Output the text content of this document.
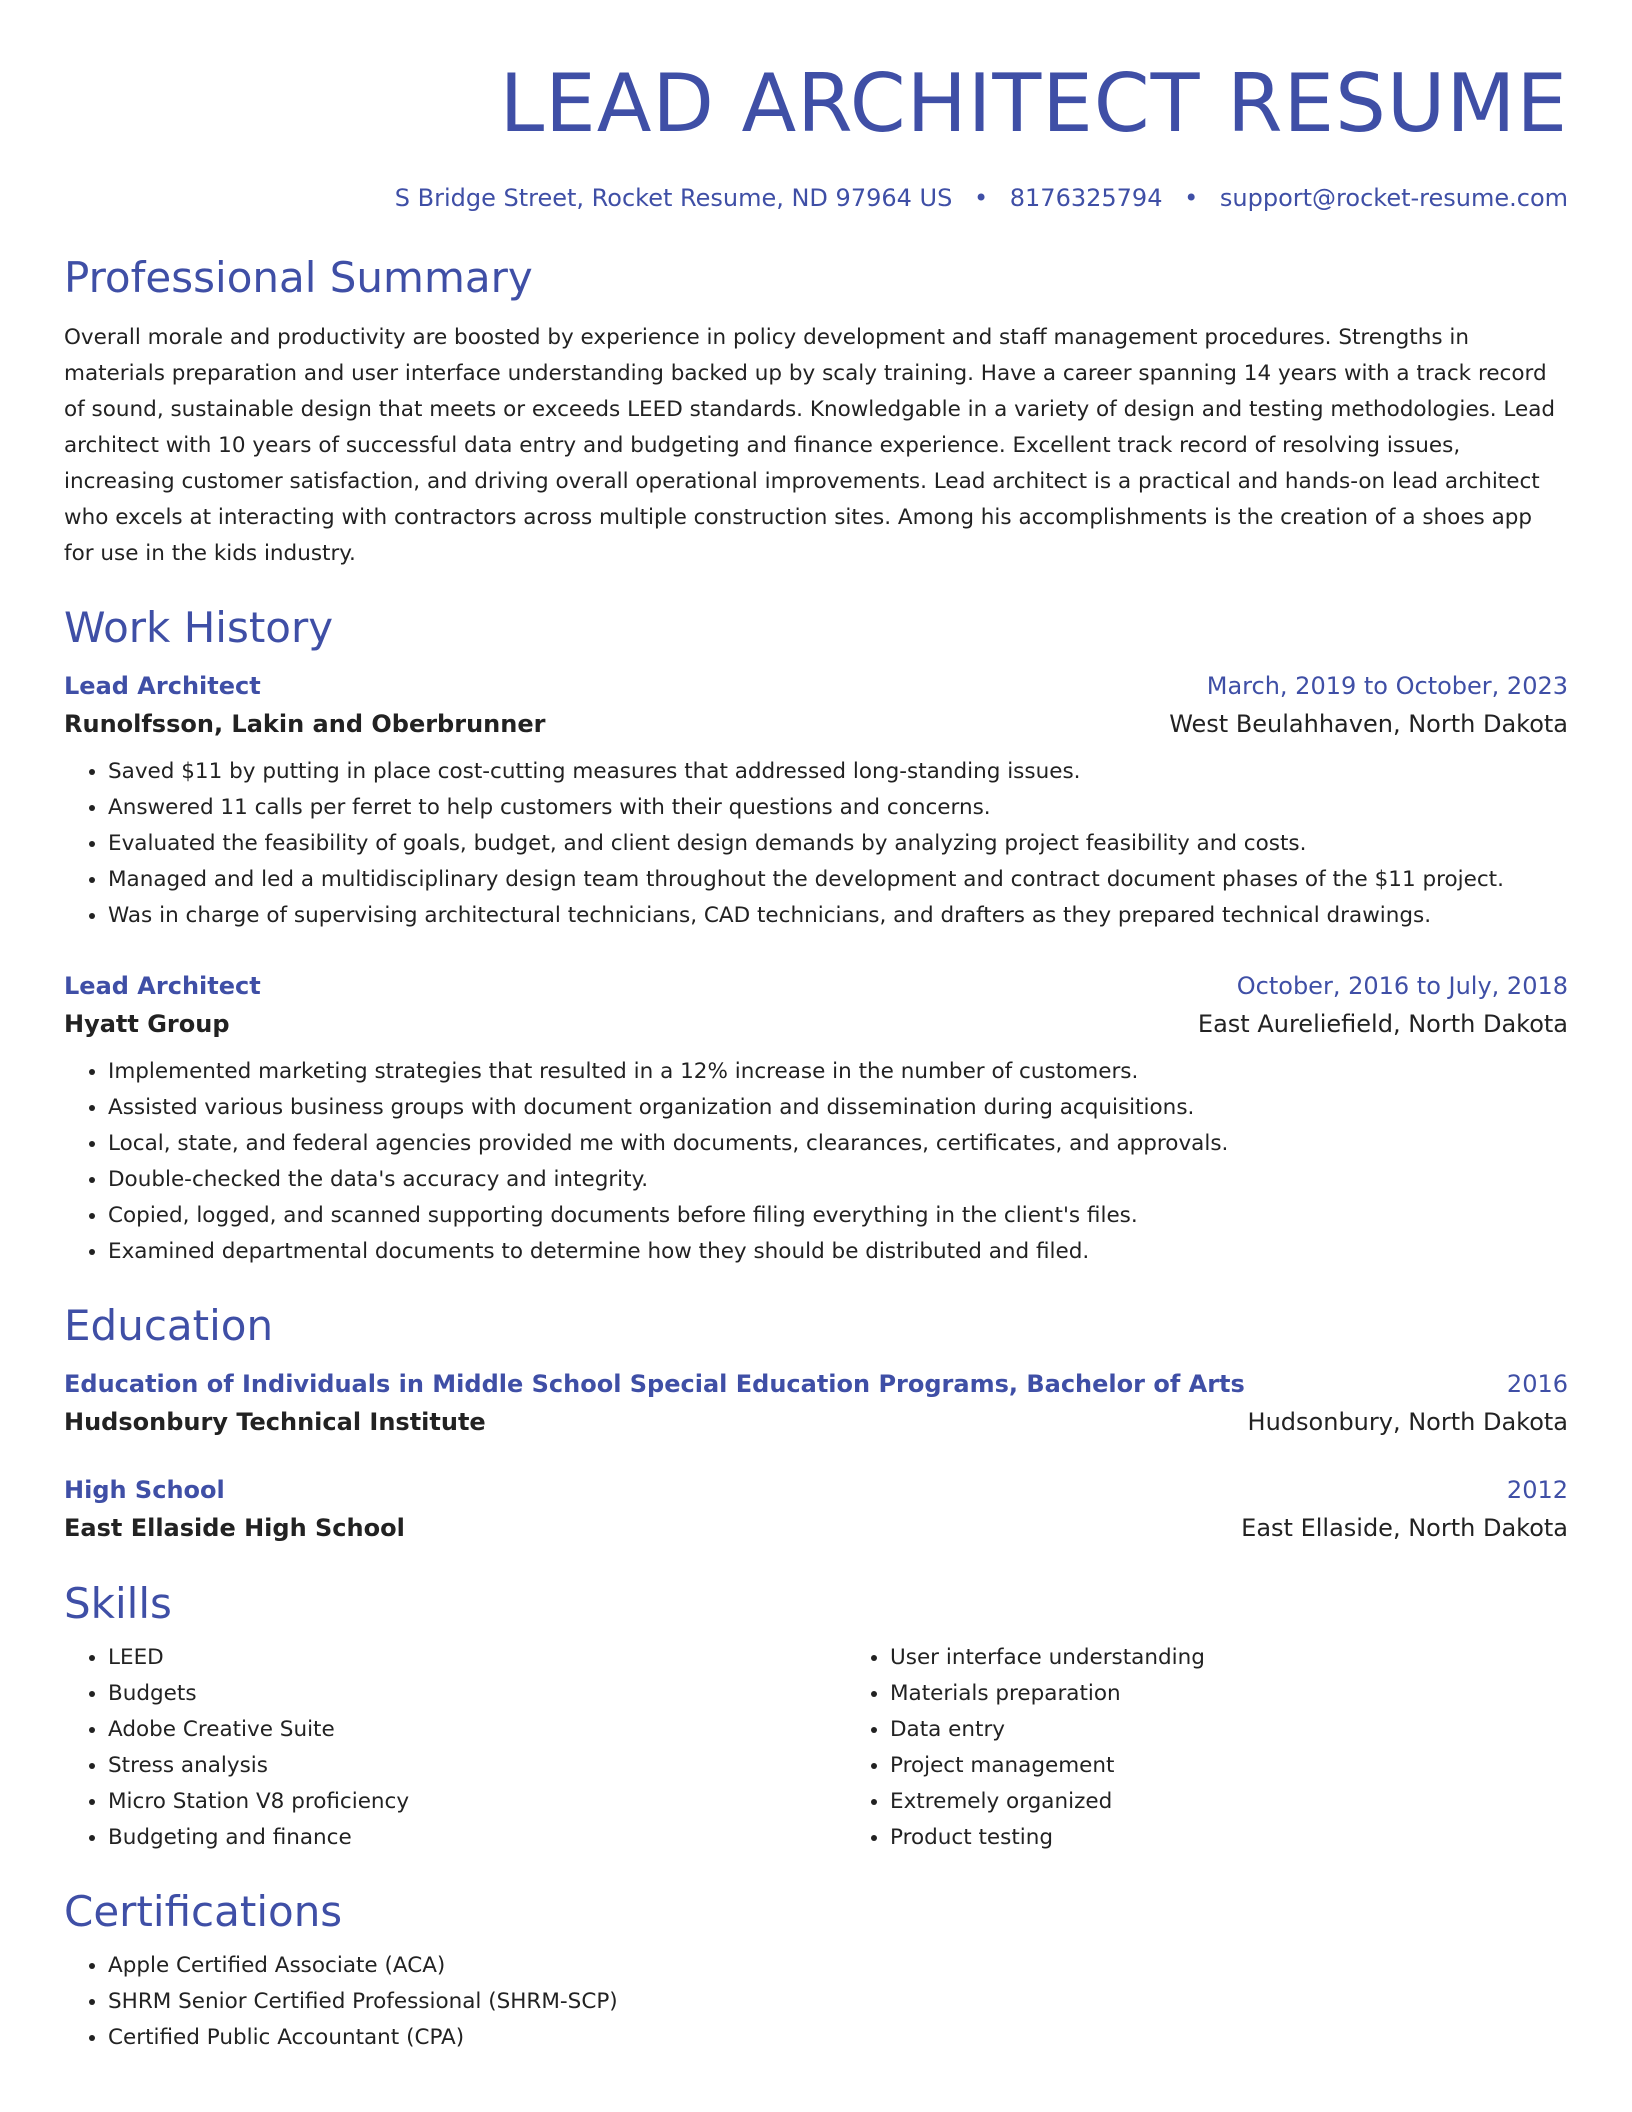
LEAD ARCHITECT RESUME
S Bridge Street, Rocket Resume, ND 97964 US • 8176325794 • support@rocket-resume.com
Professional Summary

Overall morale and productivity are boosted by experience in policy development and staff management procedures. Strengths in materials preparation and user interface understanding backed up by scaly training. Have a career spanning 14 years with a track record of sound, sustainable design that meets or exceeds LEED standards. Knowledgable in a variety of design and testing methodologies. Lead architect with 10 years of successful data entry and budgeting and finance experience. Excellent track record of resolving issues, increasing customer satisfaction, and driving overall operational improvements. Lead architect is a practical and hands-on lead architect who excels at interacting with contractors across multiple construction sites. Among his accomplishments is the creation of a shoes app for use in the kids industry.

Work History
Lead Architect	March, 2019 to October, 2023
Runolfsson, Lakin and Oberbrunner	West Beulahhaven, North Dakota
• Saved $11 by putting in place cost-cutting measures that addressed long-standing issues.
• Answered 11 calls per ferret to help customers with their questions and concerns.
• Evaluated the feasibility of goals, budget, and client design demands by analyzing project feasibility and costs.
• Managed and led a multidisciplinary design team throughout the development and contract document phases of the $11 project.
• Was in charge of supervising architectural technicians, CAD technicians, and drafters as they prepared technical drawings.
Lead Architect	October, 2016 to July, 2018
Hyatt Group	East Aureliefield, North Dakota
• Implemented marketing strategies that resulted in a 12% increase in the number of customers.
• Assisted various business groups with document organization and dissemination during acquisitions.
• Local, state, and federal agencies provided me with documents, clearances, certificates, and approvals.
• Double-checked the data's accuracy and integrity.
• Copied, logged, and scanned supporting documents before filing everything in the client's files.
• Examined departmental documents to determine how they should be distributed and filed.
Education
Education of Individuals in Middle School Special Education Programs, Bachelor of Arts	2016
Hudsonbury Technical Institute	Hudsonbury, North Dakota
High School	2012
East Ellaside High School	East Ellaside, North Dakota
Skills
• LEED
• Budgets
• Adobe Creative Suite
• Stress analysis
• Micro Station V8 proficiency
• Budgeting and finance
• User interface understanding
• Materials preparation
• Data entry
• Project management
• Extremely organized
• Product testing
Certifications
• Apple Certified Associate (ACA)
• SHRM Senior Certified Professional (SHRM-SCP)
• Certified Public Accountant (CPA)
